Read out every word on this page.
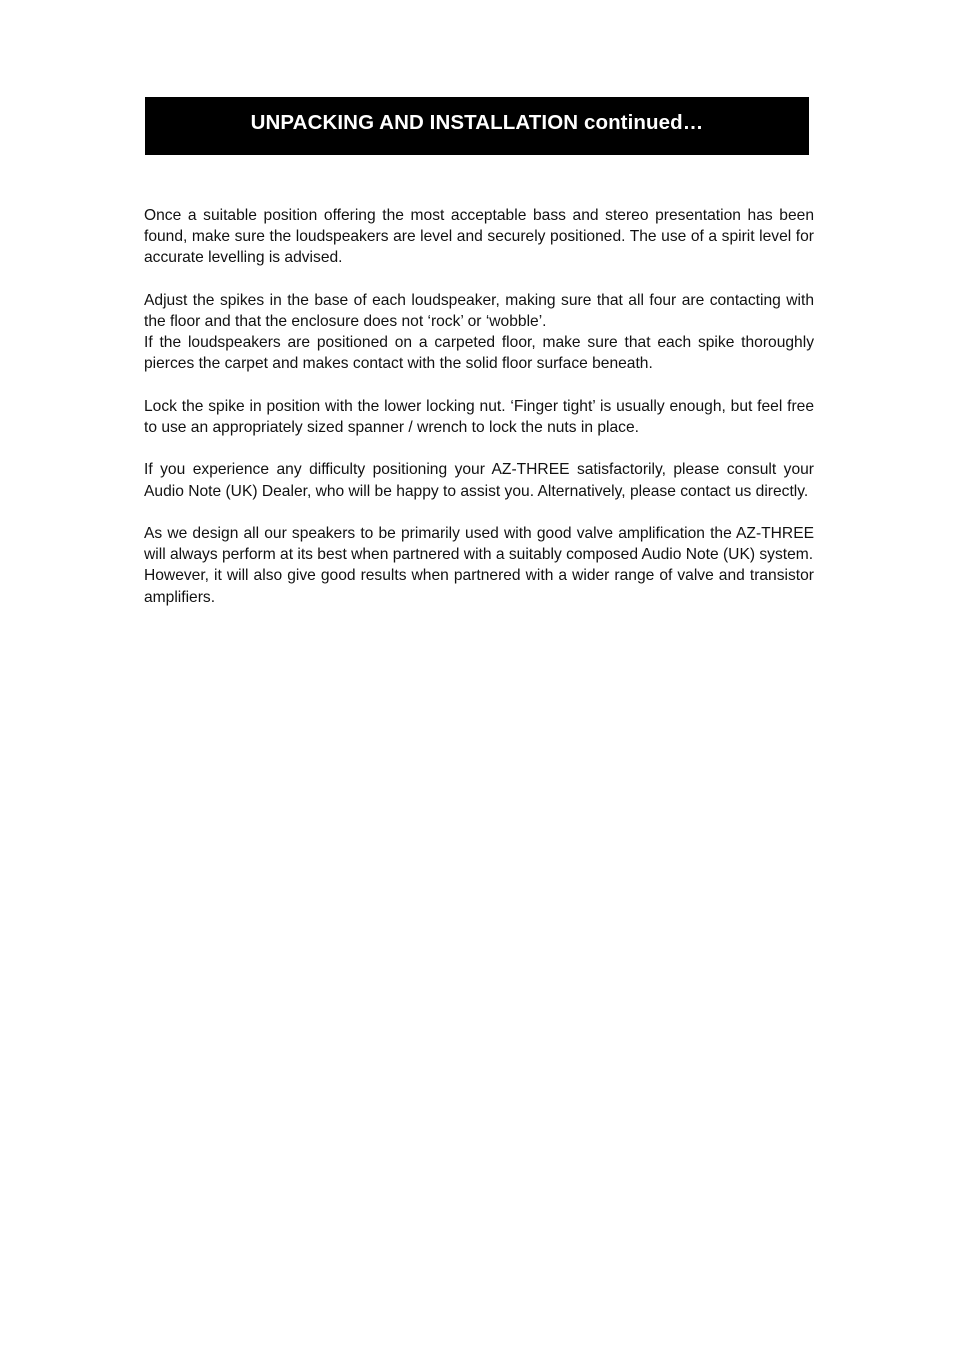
UNPACKING AND INSTALLATION continued…

Once a suitable position offering the most acceptable bass and stereo presentation has been found, make sure the loudspeakers are level and securely positioned. The use of a spirit level for accurate levelling is advised.

Adjust the spikes in the base of each loudspeaker, making sure that all four are contacting with the floor and that the enclosure does not ‘rock’ or ‘wobble’.
If the loudspeakers are positioned on a carpeted floor, make sure that each spike thoroughly pierces the carpet and makes contact with the solid floor surface beneath.

Lock the spike in position with the lower locking nut. ‘Finger tight’ is usually enough, but feel free to use an appropriately sized spanner / wrench to lock the nuts in place.

If you experience any difficulty positioning your AZ-THREE satisfactorily, please consult your Audio Note (UK) Dealer, who will be happy to assist you. Alternatively, please contact us directly.

As we design all our speakers to be primarily used with good valve amplification the AZ-THREE will always perform at its best when partnered with a suitably composed Audio Note (UK) system.
However, it will also give good results when partnered with a wider range of valve and transistor amplifiers.
